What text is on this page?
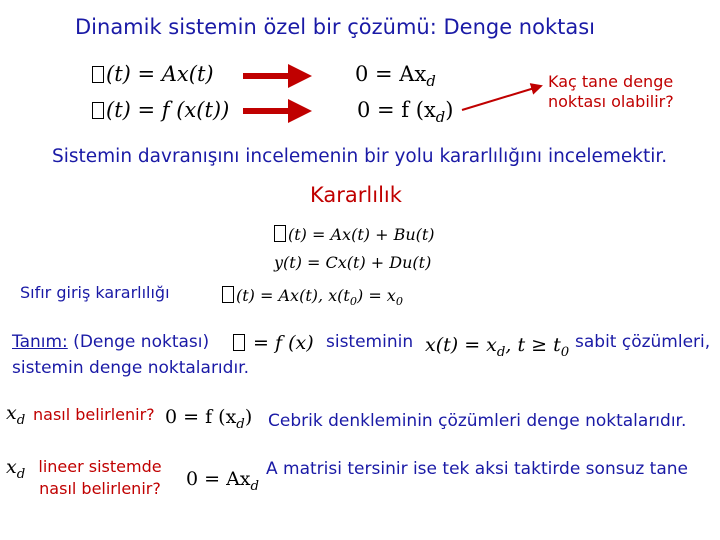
Dinamik sistemin özel bir çözümü: Denge noktası
(t) = Ax(t)
(t) = f (x(t))
$0 = Ax_d$
0 = f $(x_d)$
Kaç tane denge noktası olabilir?
Sistemin davranışını incelemenin bir yolu kararlılığını incelemektir.
Kararlılık
(t) = Ax(t) + Bu(t)
y(t) = Cx(t) + Du(t)
Sıfır giriş kararlılığı	(t) = Ax(t), $x(t_0) = x_0$
Tanım: (Denge noktası)	= f (x) sisteminin $x(t) = x_d$, $t \ge t_0$
sabit çözümleri,
sistemin denge noktalarıdır.
$x_d$ nasıl belirlenir? 0 = f $(x_d)$ Cebrik denkleminin çözümleri denge noktalarıdır.
$x_d$ lineer sistemde nasıl belirlenir?	$0 = Ax_d$
A matrisi tersinir ise tek aksi taktirde sonsuz tane
